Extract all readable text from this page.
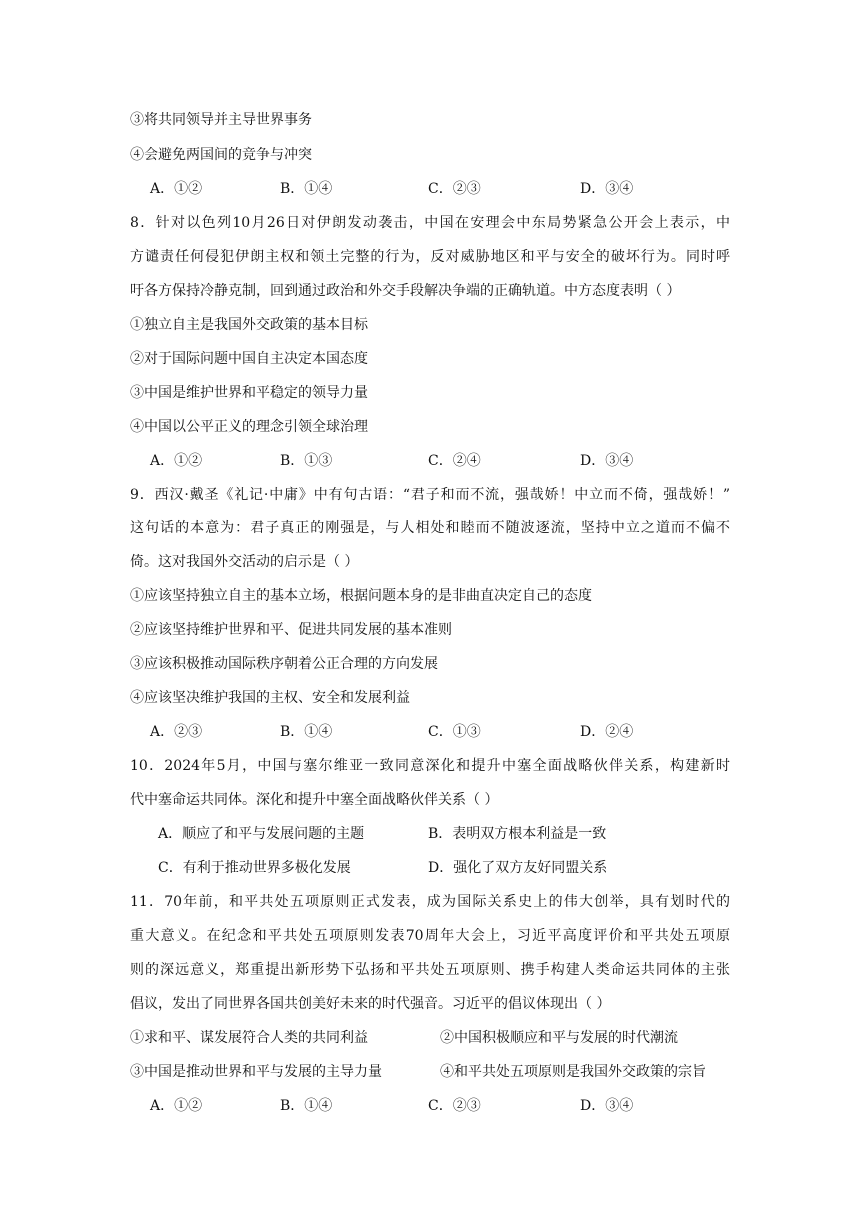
③将共同领导并主导世界事务
④会避免两国间的竞争与冲突
A．①②	B．①④	C．②③	D．③④
8．针对以色列10月26日对伊朗发动袭击，中国在安理会中东局势紧急公开会上表示，中
方谴责任何侵犯伊朗主权和领土完整的行为，反对威胁地区和平与安全的破坏行为。同时呼
吁各方保持冷静克制，回到通过政治和外交手段解决争端的正确轨道。中方态度表明（ ）
①独立自主是我国外交政策的基本目标
②对于国际问题中国自主决定本国态度
③中国是维护世界和平稳定的领导力量
④中国以公平正义的理念引领全球治理
A．①②	B．①③	C．②④	D．③④
9．西汉·戴圣《礼记·中庸》中有句古语：“君子和而不流，强哉娇！中立而不倚，强哉娇！”
这句话的本意为：君子真正的刚强是，与人相处和睦而不随波逐流，坚持中立之道而不偏不
倚。这对我国外交活动的启示是（ ）
①应该坚持独立自主的基本立场，根据问题本身的是非曲直决定自己的态度
②应该坚持维护世界和平、促进共同发展的基本准则
③应该积极推动国际秩序朝着公正合理的方向发展
④应该坚决维护我国的主权、安全和发展利益
A．②③	B．①④	C．①③	D．②④
10．2024年5月，中国与塞尔维亚一致同意深化和提升中塞全面战略伙伴关系，构建新时
代中塞命运共同体。深化和提升中塞全面战略伙伴关系（ ）
A．顺应了和平与发展问题的主题	B．表明双方根本利益是一致
C．有利于推动世界多极化发展	D．强化了双方友好同盟关系
11．70年前，和平共处五项原则正式发表，成为国际关系史上的伟大创举，具有划时代的
重大意义。在纪念和平共处五项原则发表70周年大会上，习近平高度评价和平共处五项原
则的深远意义，郑重提出新形势下弘扬和平共处五项原则、携手构建人类命运共同体的主张
倡议，发出了同世界各国共创美好未来的时代强音。习近平的倡议体现出（ ）
①求和平、谋发展符合人类的共同利益	②中国积极顺应和平与发展的时代潮流
③中国是推动世界和平与发展的主导力量	④和平共处五项原则是我国外交政策的宗旨
A．①②	B．①④	C．②③	D．③④
